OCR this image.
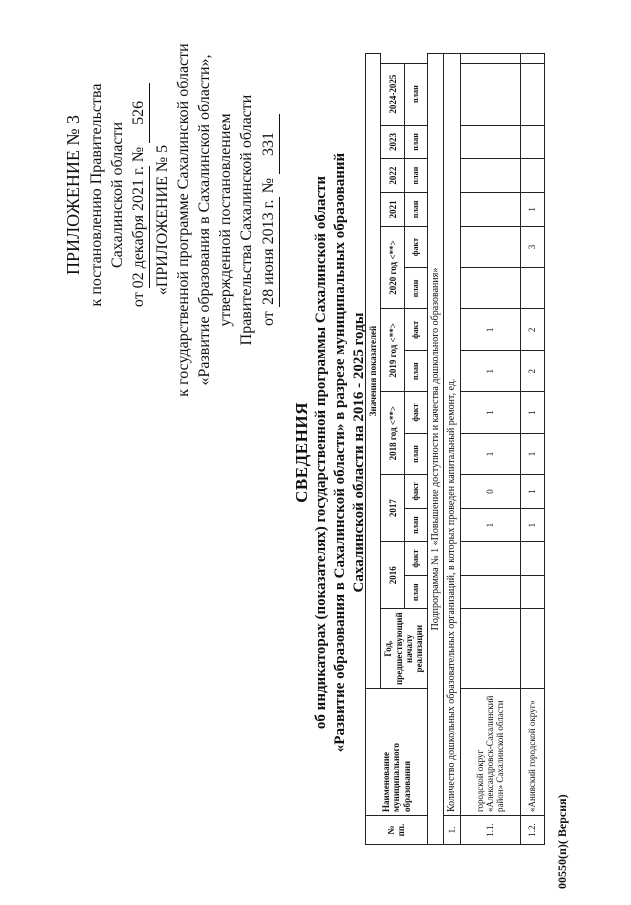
ПРИЛОЖЕНИЕ № 3 к постановлению Правительства Сахалинской области
от 02 декабря 2021 г. № 526
«ПРИЛОЖЕНИЕ № 5 к государственной программе Сахалинской области «Развитие образования в Сахалинской области», утвержденной постановлением Правительства Сахалинской области от 28 июня 2013 г. № 331
СВЕДЕНИЯ об индикаторах (показателях) государственной программы Сахалинской области «Развитие образования в Сахалинской области» в разрезе муниципальных образований Сахалинской области на 2016 - 2025 годы
№ пп.	Наименование муниципального образования	Значения показателей															
		Год, предшествующий началу реализации	2016		2017		2018 год <**>		2019 год <**>		2020 год <**>		2021	2022	2023	2024-2025	
			план	факт	план	факт	план	факт	план	факт	план	факт	план	план	план	план	
Подпрограмма № 1 «Повышение доступности и качества дошкольного образования»																	
1.	Количество дошкольных образовательных организаций, в которых проведен капитальный ремонт, ед.																
1.1.	городской округ «Александровск-Сахалинский район» Сахалинской области				1	0	1	1	1	1							
1.2.	«Анивский городской округ»				1	1	1	1	2	2		3	1				
00550(п)( Версия)
